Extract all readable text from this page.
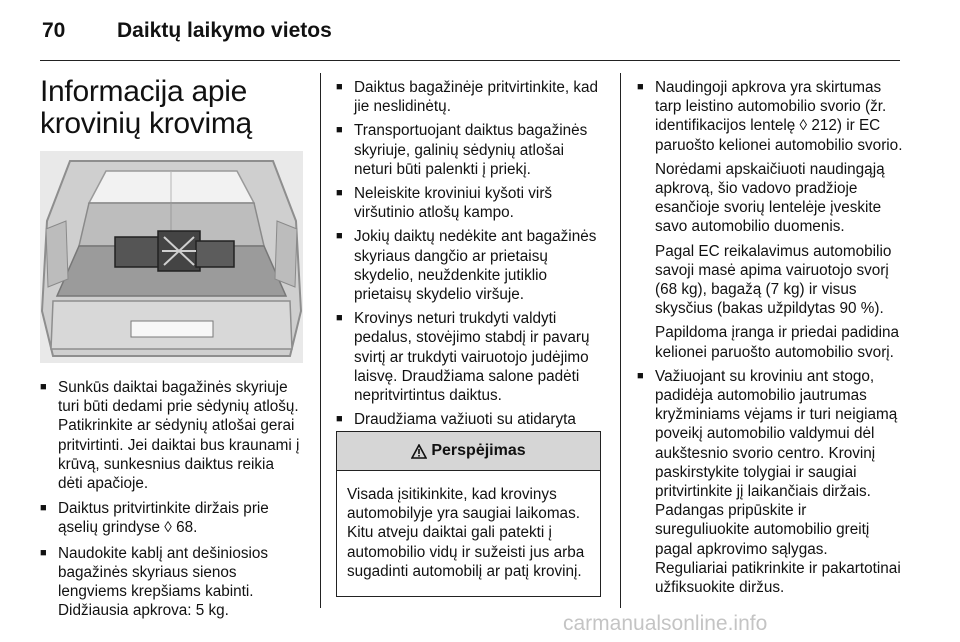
70 Daiktų laikymo vietos
Informacija apie
krovinių krovimą

■ Sunkūs daiktai bagažinės skyriuje turi būti dedami prie sėdynių atlošų. Patikrinkite ar sėdynių atlošai gerai pritvirtinti. Jei daiktai bus kraunami į krūvą, sunkesnius daiktus reikia dėti apačioje.

■ Daiktus pritvirtinkite diržais prie ąselių grindyse ◊ 68.

■ Naudokite kablį ant dešiniosios bagažinės skyriaus sienos lengviems krepšiams kabinti. Didžiausia apkrova: 5 kg.

■ Daiktus bagažinėje pritvirtinkite, kad jie neslidinėtų.

■ Transportuojant daiktus bagažinės skyriuje, galinių sėdynių atlošai neturi būti palenkti į priekį.

■ Neleiskite kroviniui kyšoti virš viršutinio atlošų kampo.

■ Jokių daiktų nedėkite ant bagažinės skyriaus dangčio ar prietaisų skydelio, neuždenkite jutiklio prietaisų skydelio viršuje.

■ Krovinys neturi trukdyti valdyti pedalus, stovėjimo stabdį ir pavarų svirtį ar trukdyti vairuotojo judėjimo laisvę. Draudžiama salone padėti nepritvirtintus daiktus.

■ Draudžiama važiuoti su atidaryta

Perspėjimas
Visada įsitikinkite, kad krovinys automobilyje yra saugiai laikomas. Kitu atveju daiktai gali patekti į automobilio vidų ir sužeisti jus arba sugadinti automobilį ar patį krovinį.

■ Naudingoji apkrova yra skirtumas tarp leistino automobilio svorio (žr. identifikacijos lentelę ◊ 212) ir EC paruošto kelionei automobilio svorio.

Norėdami apskaičiuoti naudingąją apkrovą, šio vadovo pradžioje esančioje svorių lentelėje įveskite savo automobilio duomenis.

Pagal EC reikalavimus automobilio savoji masė apima vairuotojo svorį (68 kg), bagažą (7 kg) ir visus skysčius (bakas užpildytas 90 %).

Papildoma įranga ir priedai padidina kelionei paruošto automobilio svorį.

■ Važiuojant su kroviniu ant stogo, padidėja automobilio jautrumas kryžminiams vėjams ir turi neigiamą poveikį automobilio valdymui dėl aukštesnio svorio centro. Krovinį paskirstykite tolygiai ir saugiai pritvirtinkite jį laikančiais diržais. Padangas pripūskite ir sureguliuokite automobilio greitį pagal apkrovimo sąlygas. Reguliariai patikrinkite ir pakartotinai užfiksuokite diržus.

carmanualsonline.info
